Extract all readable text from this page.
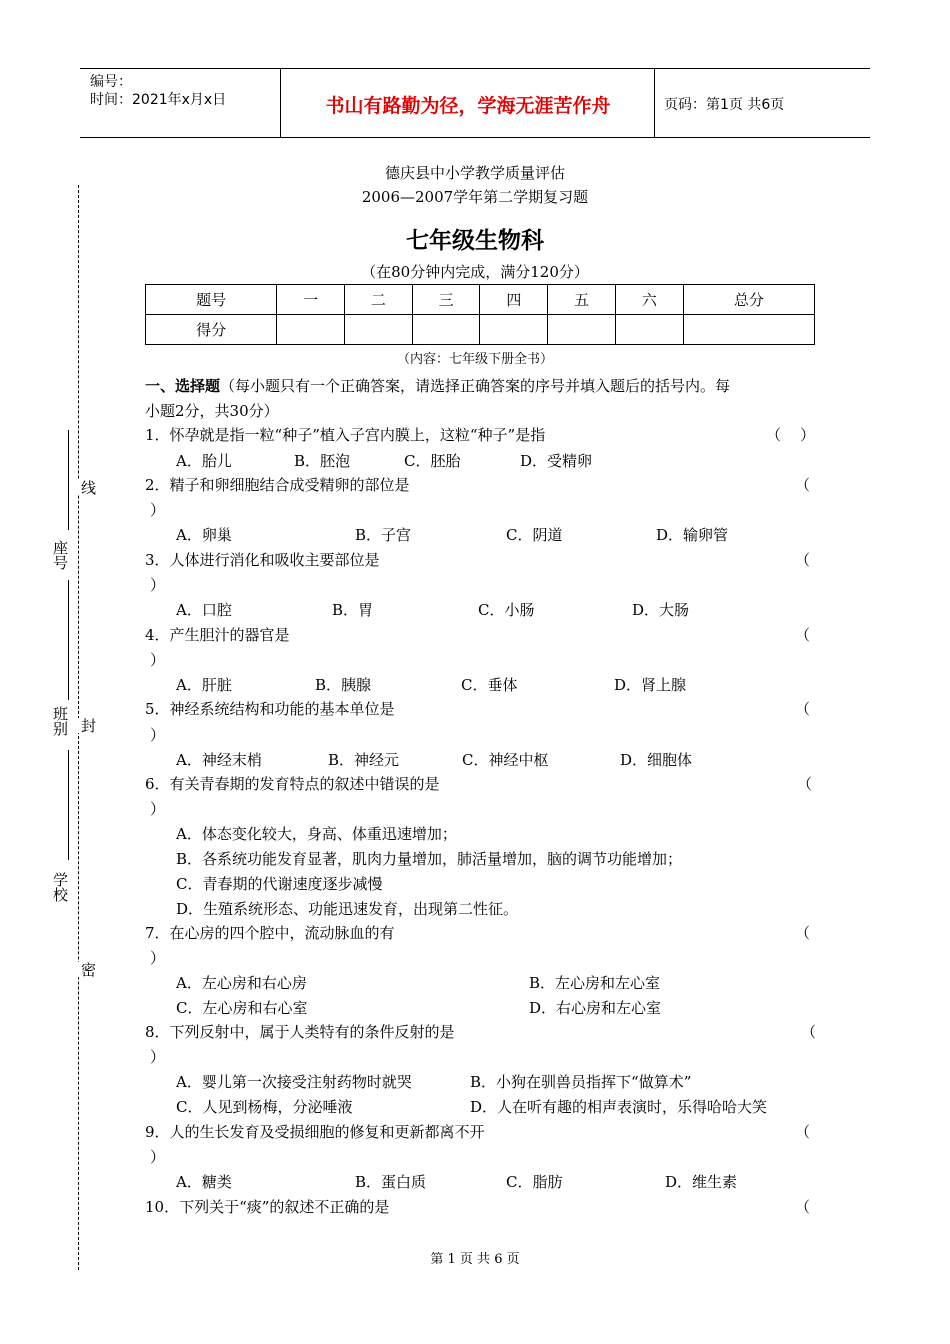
编号：
时间：2021年x月x日	书山有路勤为径，学海无涯苦作舟	页码：第1页 共6页
座号
班别
学校
线
封
密
德庆县中小学教学质量评估
2006—2007学年第二学期复习题
七年级生物科
（在80分钟内完成，满分120分）
题号	一	二	三	四	五	六	总分
得分							
（内容：七年级下册全书）
一、选择题（每小题只有一个正确答案，请选择正确答案的序号并填入题后的括号内。每
小题2分，共30分）
1．怀孕就是指一粒“种子”植入子宫内膜上，这粒“种子”是指	（    ）
A．胎儿	B．胚泡	C．胚胎	D．受精卵
2．精子和卵细胞结合成受精卵的部位是	（
）
A．卵巢	B．子宫	C．阴道	D．输卵管
3．人体进行消化和吸收主要部位是	（
）
A．口腔	B．胃	C．小肠	D．大肠
4．产生胆汁的器官是	（
）
A．肝脏	B．胰腺	C．垂体	D．肾上腺
5．神经系统结构和功能的基本单位是	（
）
A．神经末梢	B．神经元	C．神经中枢	D．细胞体
6．有关青春期的发育特点的叙述中错误的是	（
）
A．体态变化较大，身高、体重迅速增加；
B．各系统功能发育显著，肌肉力量增加，肺活量增加，脑的调节功能增加；
C．青春期的代谢速度逐步减慢
D．生殖系统形态、功能迅速发育，出现第二性征。
7．在心房的四个腔中，流动脉血的有	（
）
A．左心房和右心房	B．左心房和左心室
C．左心房和右心室	D．右心房和左心室
8．下列反射中，属于人类特有的条件反射的是	（
）
A．婴儿第一次接受注射药物时就哭	B．小狗在驯兽员指挥下“做算术”
C．人见到杨梅，分泌唾液	D．人在听有趣的相声表演时，乐得哈哈大笑
9．人的生长发育及受损细胞的修复和更新都离不开	（
）
A．糖类	B．蛋白质	C．脂肪	D．维生素
10．下列关于“痰”的叙述不正确的是	（
第 1 页 共 6 页
